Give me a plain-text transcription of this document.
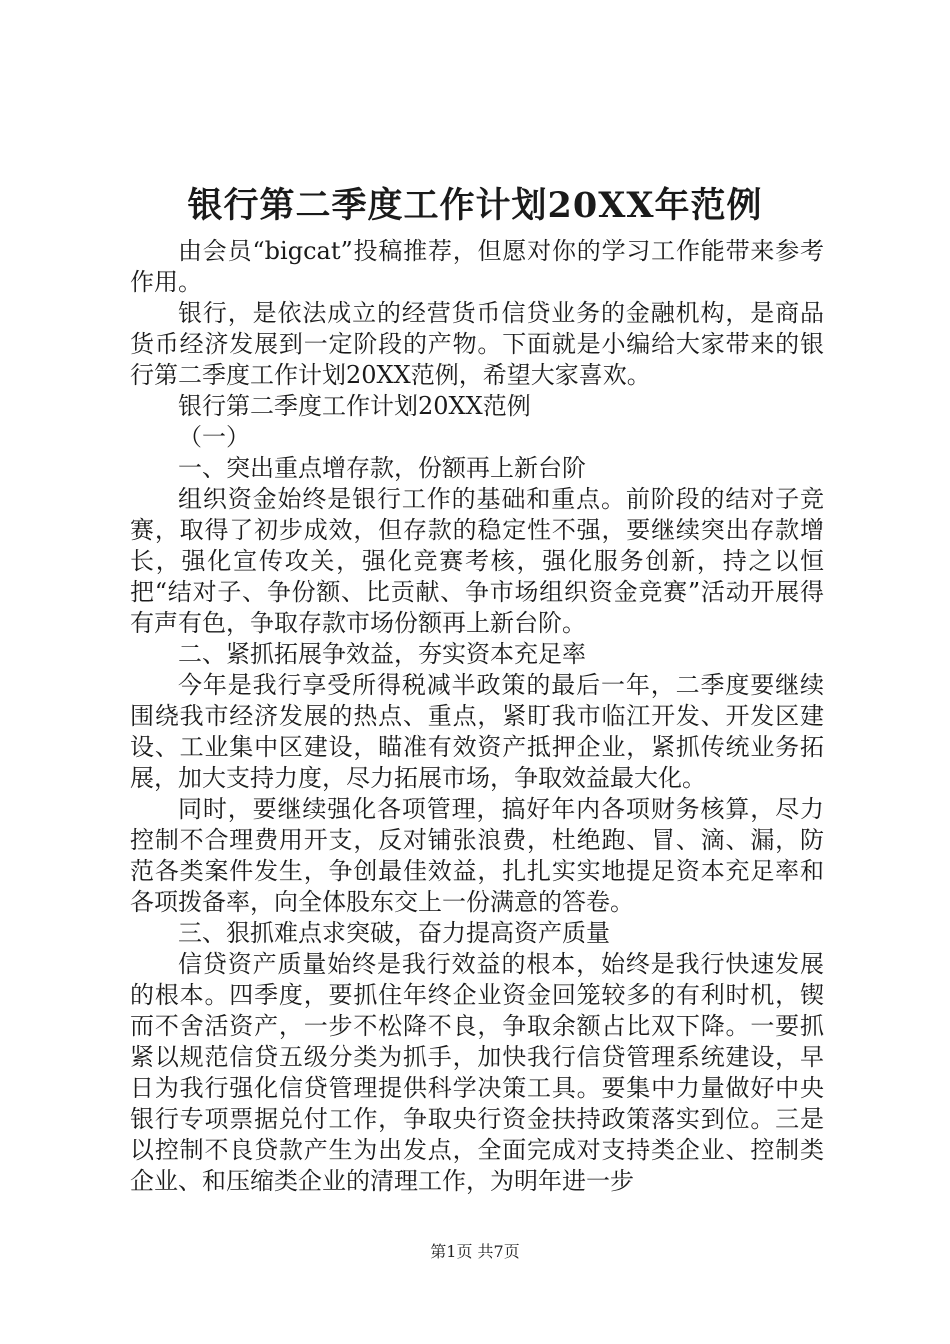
银行第二季度工作计划20XX年范例

由会员“bigcat”投稿推荐，但愿对你的学习工作能带来参考作用。

银行，是依法成立的经营货币信贷业务的金融机构，是商品货币经济发展到一定阶段的产物。下面就是小编给大家带来的银行第二季度工作计划20XX范例，希望大家喜欢。

银行第二季度工作计划20XX范例

（一）

一、突出重点增存款，份额再上新台阶

组织资金始终是银行工作的基础和重点。前阶段的结对子竞赛，取得了初步成效，但存款的稳定性不强，要继续突出存款增长，强化宣传攻关，强化竞赛考核，强化服务创新，持之以恒把“结对子、争份额、比贡献、争市场组织资金竞赛”活动开展得有声有色，争取存款市场份额再上新台阶。

二、紧抓拓展争效益，夯实资本充足率

今年是我行享受所得税减半政策的最后一年，二季度要继续围绕我市经济发展的热点、重点，紧盯我市临江开发、开发区建设、工业集中区建设，瞄准有效资产抵押企业，紧抓传统业务拓展，加大支持力度，尽力拓展市场，争取效益最大化。

同时，要继续强化各项管理，搞好年内各项财务核算，尽力控制不合理费用开支，反对铺张浪费，杜绝跑、冒、滴、漏，防范各类案件发生，争创最佳效益，扎扎实实地提足资本充足率和各项拨备率，向全体股东交上一份满意的答卷。

三、狠抓难点求突破，奋力提高资产质量

信贷资产质量始终是我行效益的根本，始终是我行快速发展的根本。四季度，要抓住年终企业资金回笼较多的有利时机，锲而不舍活资产，一步不松降不良，争取余额占比双下降。一要抓紧以规范信贷五级分类为抓手，加快我行信贷管理系统建设，早日为我行强化信贷管理提供科学决策工具。要集中力量做好中央银行专项票据兑付工作，争取央行资金扶持政策落实到位。三是以控制不良贷款产生为出发点，全面完成对支持类企业、控制类企业、和压缩类企业的清理工作，为明年进一步

第1页 共7页
